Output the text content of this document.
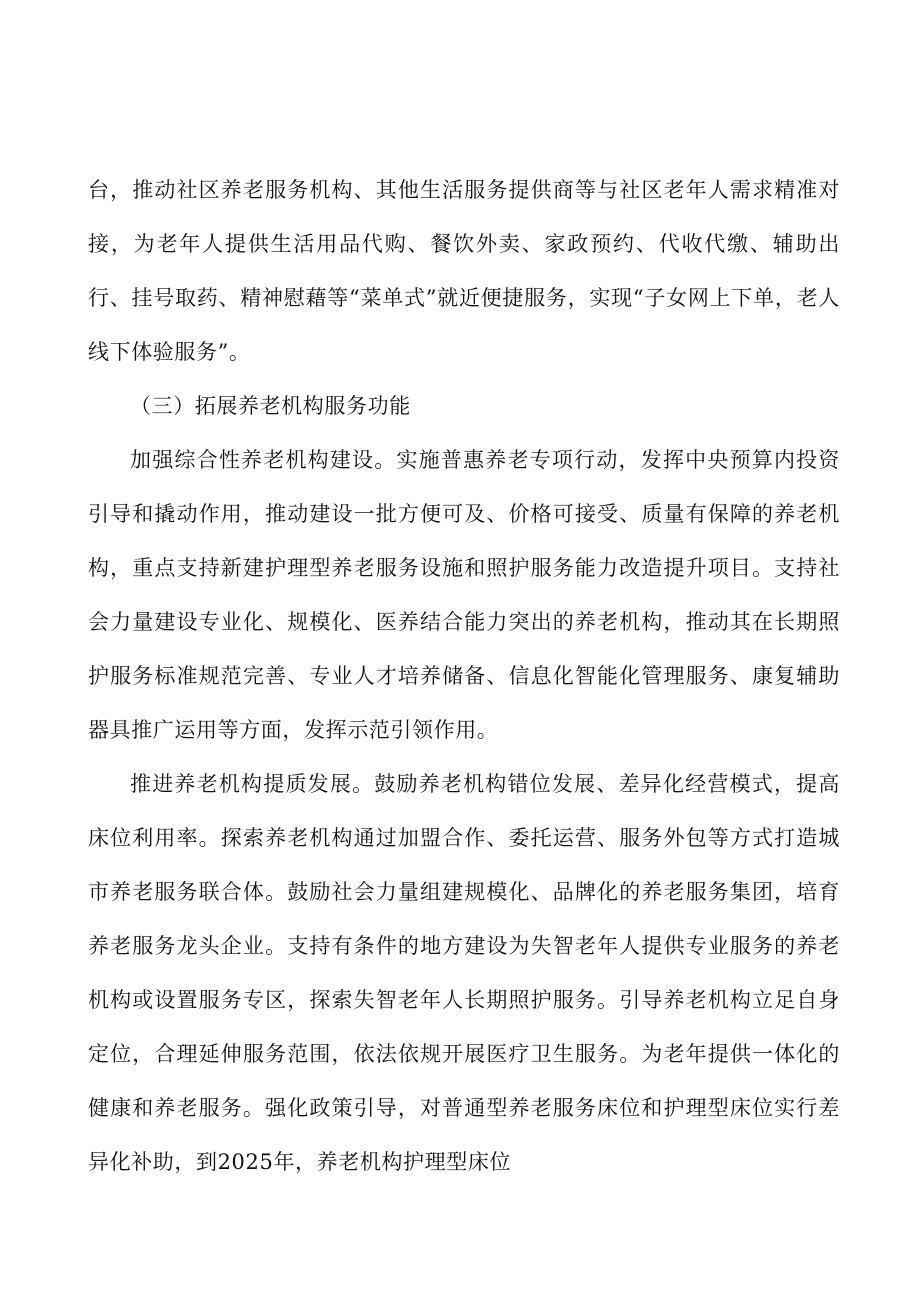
台，推动社区养老服务机构、其他生活服务提供商等与社区老年人需求精准对接，为老年人提供生活用品代购、餐饮外卖、家政预约、代收代缴、辅助出行、挂号取药、精神慰藉等“菜单式”就近便捷服务，实现“子女网上下单，老人线下体验服务”。

（三）拓展养老机构服务功能

加强综合性养老机构建设。实施普惠养老专项行动，发挥中央预算内投资引导和撬动作用，推动建设一批方便可及、价格可接受、质量有保障的养老机构，重点支持新建护理型养老服务设施和照护服务能力改造提升项目。支持社会力量建设专业化、规模化、医养结合能力突出的养老机构，推动其在长期照护服务标准规范完善、专业人才培养储备、信息化智能化管理服务、康复辅助器具推广运用等方面，发挥示范引领作用。

推进养老机构提质发展。鼓励养老机构错位发展、差异化经营模式，提高床位利用率。探索养老机构通过加盟合作、委托运营、服务外包等方式打造城市养老服务联合体。鼓励社会力量组建规模化、品牌化的养老服务集团，培育养老服务龙头企业。支持有条件的地方建设为失智老年人提供专业服务的养老机构或设置服务专区，探索失智老年人长期照护服务。引导养老机构立足自身定位，合理延伸服务范围，依法依规开展医疗卫生服务。为老年提供一体化的健康和养老服务。强化政策引导，对普通型养老服务床位和护理型床位实行差异化补助，到2025年，养老机构护理型床位
